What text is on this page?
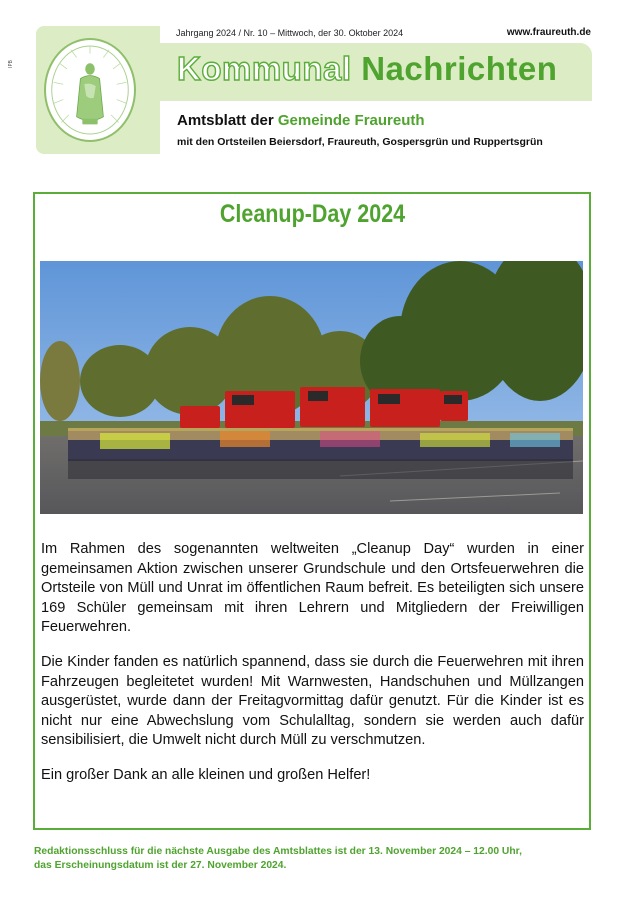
IPB
Jahrgang 2024 / Nr. 10 – Mittwoch, der 30. Oktober 2024	www.fraureuth.de
Kommunal Nachrichten
Amtsblatt der Gemeinde Fraureuth
mit den Ortsteilen Beiersdorf, Fraureuth, Gospersgrün und Ruppertsgrün
Cleanup-Day 2024

Im Rahmen des sogenannten weltweiten „Cleanup Day“ wurden in einer gemeinsamen Aktion zwischen unserer Grundschule und den Ortsfeuerwehren die Ortsteile von Müll und Unrat im öffentlichen Raum befreit. Es beteiligten sich unsere 169 Schüler gemeinsam mit ihren Lehrern und Mitgliedern der Freiwilligen Feuerwehren.

Die Kinder fanden es natürlich spannend, dass sie durch die Feuerwehren mit ihren Fahrzeugen begleitetet wurden! Mit Warnwesten, Handschuhen und Müllzangen ausgerüstet, wurde dann der Freitagvormittag dafür genutzt. Für die Kinder ist es nicht nur eine Abwechslung vom Schulalltag, sondern sie werden auch dafür sensibilisiert, die Umwelt nicht durch Müll zu verschmutzen.

Ein großer Dank an alle kleinen und großen Helfer!

Redaktionsschluss für die nächste Ausgabe des Amtsblattes ist der 13. November 2024 – 12.00 Uhr,
das Erscheinungsdatum ist der 27. November 2024.
